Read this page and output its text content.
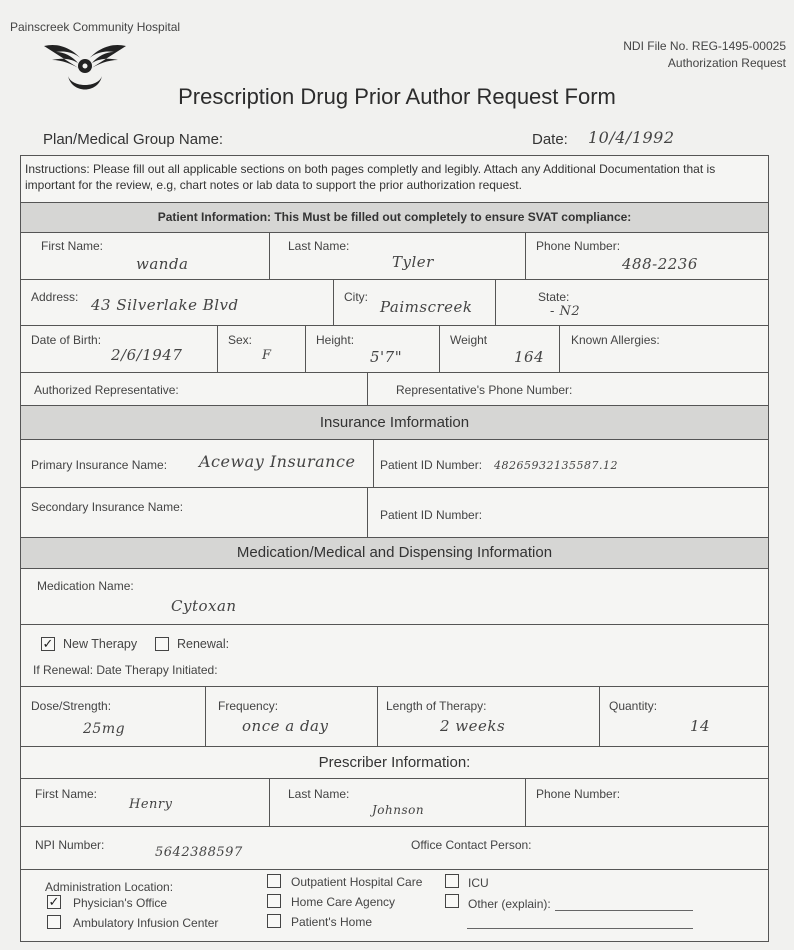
Painscreek Community Hospital
NDI File No. REG-1495-00025
Authorization Request
Prescription Drug Prior Author Request Form
Plan/Medical Group Name:	Date: 10/4/1992
Instructions: Please fill out all applicable sections on both pages completly and legibly. Attach any Additional Documentation that is important for the review, e.g, chart notes or lab data to support the prior authorization request.
Patient Information: This Must be filled out completely to ensure SVAT compliance:
First Name:
wanda
Last Name:
Tyler
Phone Number:
488-2236
Address: 43 Silverlake Blvd	City:
Paimscreek
State:
- N2
Date of Birth:
2/6/1947
Sex:
F
Height:
5'7"
Weight
164
Known Allergies:
Authorized Representative:	Representative's Phone Number:
Insurance Imformation
Primary Insurance Name: Aceway Insurance Patient ID Number: 48265932135587.12
Secondary Insurance Name:
Patient ID Number:
Medication/Medical and Dispensing Information
Medication Name:
Cytoxan
✓ New Therapy	Renewal:
If Renewal: Date Therapy Initiated:
Dose/Strength:
25mg
Frequency:
once a day
Length of Therapy:
2 weeks
Quantity:
14
Prescriber Information:
First Name:
Henry
Last Name:
Johnson
Phone Number:
NPI Number:	5642388597	Office Contact Person:
Administration Location:
✓ Physician's Office
Ambulatory Infusion Center
Outpatient Hospital Care
Home Care Agency
Patient's Home
ICU
Other (explain):
